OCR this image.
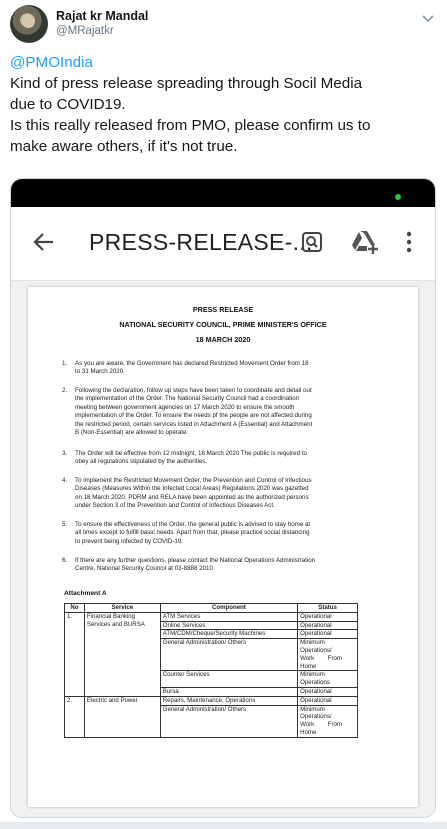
Rajat kr Mandal
@MRajatkr
@PMOIndia
Kind of press release spreading through Socil Media
due to COVID19.
Is this really released from PMO, please confirm us to
make aware others, if it's not true.
PRESS-RELEASE-...
PRESS RELEASE
NATIONAL SECURITY COUNCIL, PRIME MINISTER'S OFFICE
18 MARCH 2020
1. As you are aware, the Government has declared Restricted Movement Order from 18
to 31 March 2020.
2. Following the declaration, follow up steps have been taken to coordinate and detail out
the implementation of the Order. The National Security Council had a coordination
meeting between government agencies on 17 March 2020 to ensure the smooth
implementation of the Order. To ensure the needs pf the people are not affected during
the restricted period, certain services listed in Attachment A (Essential) and Attachment
B (Non-Essential) are allowed to operate.
3. The Order will be effective from 12 midnight, 18 March 2020 The public is required to
obey all regulations stipulated by the authorities.
4. To implement the Restricted Movement Order, the Prevention and Control of Infectious
Diseases (Measures Within the Infected Local Areas) Regulations 2020 was gazetted
on 18 March 2020. PDRM and RELA have been appointed as the authorized persons
under Section 3 of the Prevention and Control of Infectious Diseases Act.
5. To ensure the effectiveness of the Order, the general public is advised to stay home at
all times except to fulfill basic needs. Apart from that, please practice social distancing
to prevent being infected by COVID-19.
6. If there are any further questions, please contact the National Operations Administration
Centre, National Security Council at 03-8888 2010.
Attachment A
No	Service	Component	Status
1.	Financial Banking
Services and BURSA	ATM Services	Operational
		Online Services	Operational
		ATM/CDM/Cheque/Security Machines	Operational
		General Administration/ Others	Minimum
Operations/
Work        From
Home

		Counter Services	Minimum
Operations

		Bursa	Operational
2.	Electric and Power	Repairs, Maintenance, Operations	Operational
		General Administration/ Others	Minimum
Operations/
Work        From
Home
